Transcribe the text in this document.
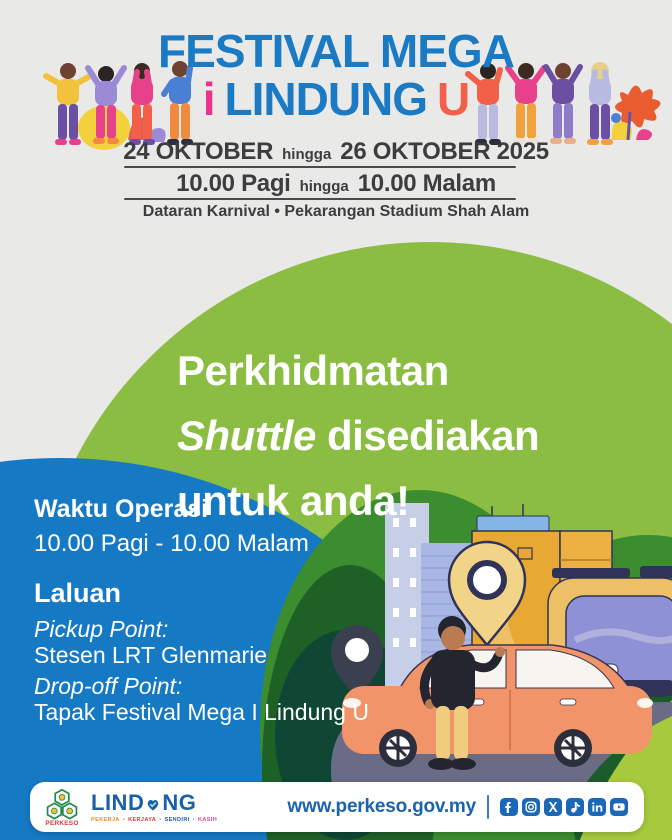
FESTIVAL MEGA
i LINDUNG U
24 OKTOBER hingga 26 OKTOBER 2025
10.00 Pagi hingga 10.00 Malam
Dataran Karnival • Pekarangan Stadium Shah Alam
Perkhidmatan
Shuttle disediakan
untuk anda!
Waktu Operasi
10.00 Pagi - 10.00 Malam
Laluan
Pickup Point:
Stesen LRT Glenmarie
Drop-off Point:
Tapak Festival Mega I Lindung U
PERKESO
LIND NG
PEKERJA • KERJAYA • SENDIRI • KASIH
www.perkeso.gov.my
